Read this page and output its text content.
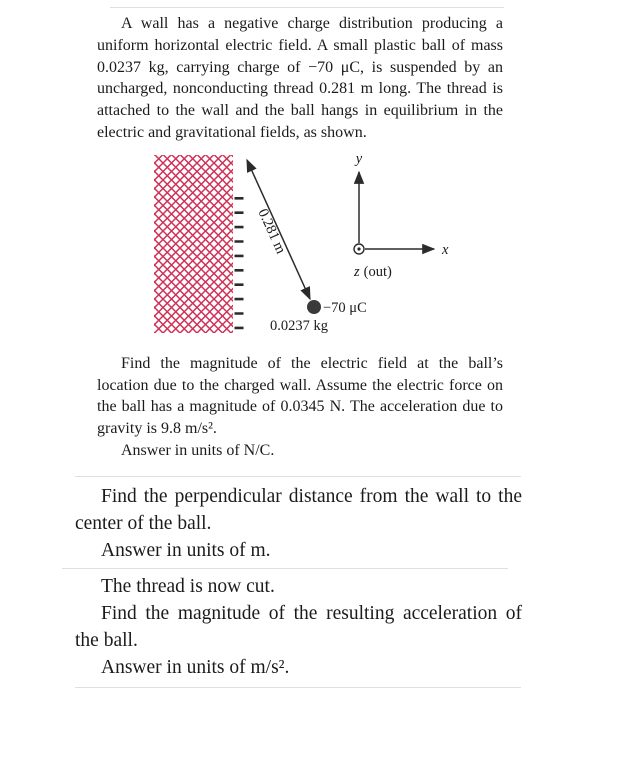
A wall has a negative charge distribution producing a uniform horizontal electric field. A small plastic ball of mass 0.0237 kg, carrying charge of −70 μC, is suspended by an uncharged, nonconducting thread 0.281 m long. The thread is attached to the wall and the ball hangs in equilibrium in the electric and gravitational fields, as shown.

0.281 m
−70 μC
0.0237 kg
y
x
z (out)

Find the magnitude of the electric field at the ball’s location due to the charged wall. Assume the electric force on the ball has a magnitude of 0.0345 N. The acceleration due to gravity is 9.8 m/s².

Answer in units of N/C.

Find the perpendicular distance from the wall to the center of the ball.

Answer in units of m.

The thread is now cut.

Find the magnitude of the resulting acceleration of the ball.

Answer in units of m/s².
